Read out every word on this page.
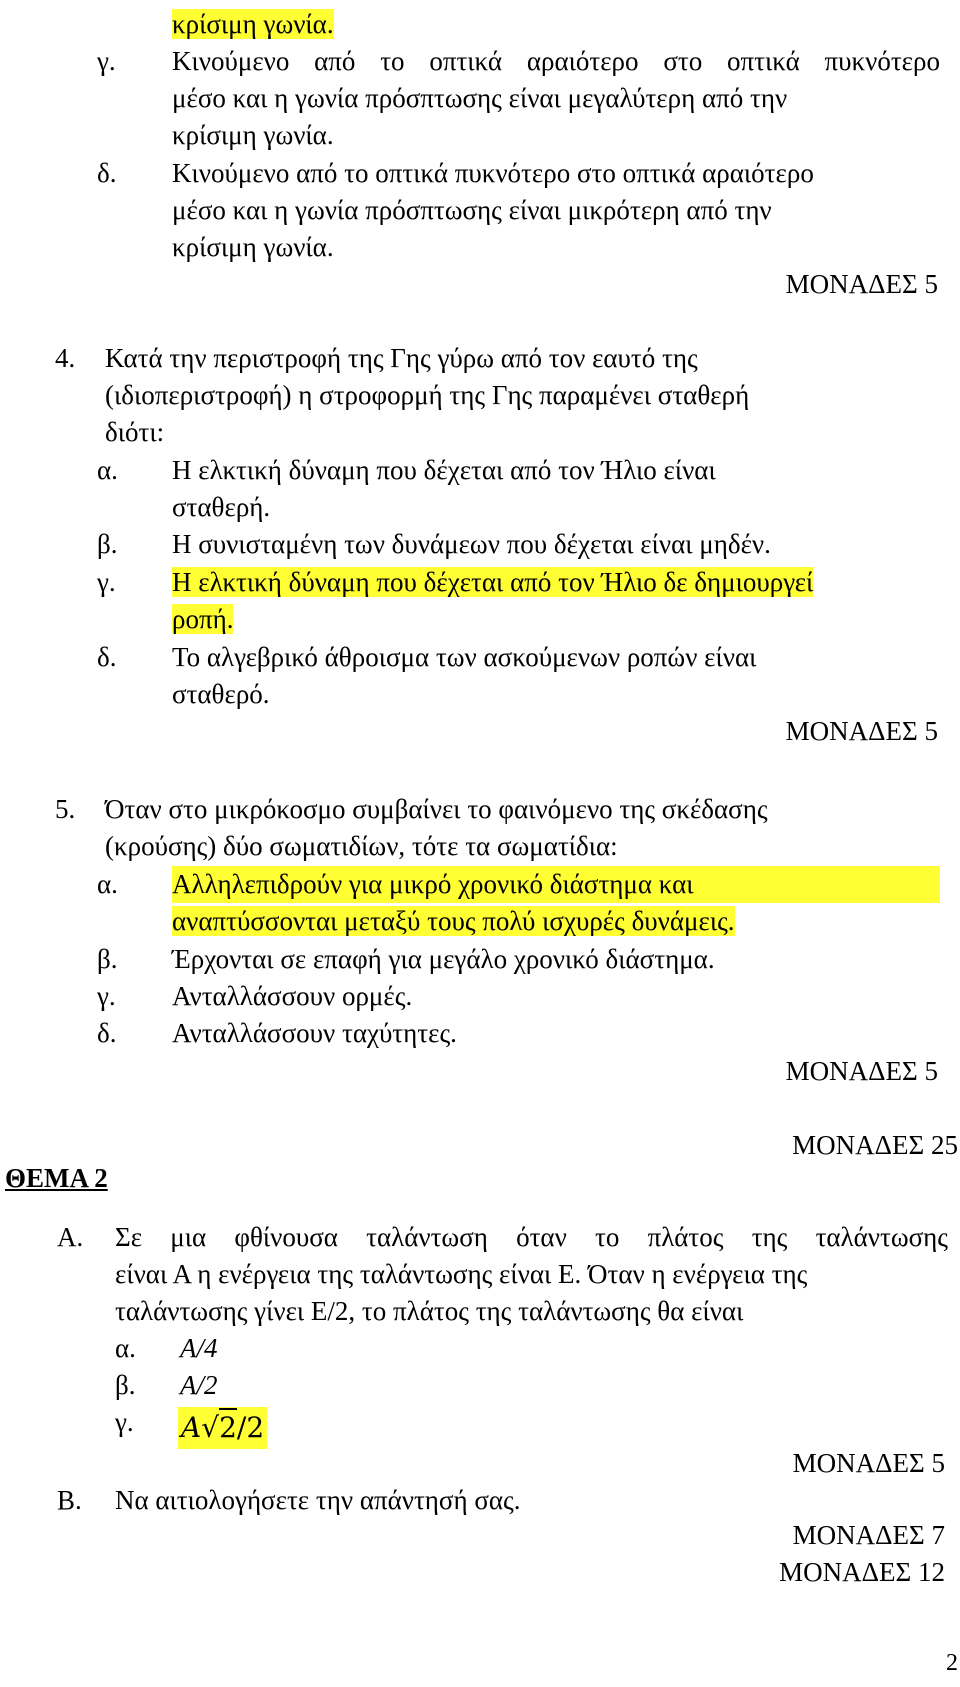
κρίσιμη γωνία.
γ. Κινούμενο από το οπτικά αραιότερο στο οπτικά πυκνότερο
μέσο και η γωνία πρόσπτωσης είναι μεγαλύτερη από την
κρίσιμη γωνία.
δ. Κινούμενο από το οπτικά πυκνότερο στο οπτικά αραιότερο
μέσο και η γωνία πρόσπτωσης είναι μικρότερη από την
κρίσιμη γωνία.
ΜΟΝΑΔΕΣ 5
4. Κατά την περιστροφή της Γης γύρω από τον εαυτό της
(ιδιοπεριστροφή) η στροφορμή της Γης παραμένει σταθερή
διότι:
α. Η ελκτική δύναμη που δέχεται από τον Ήλιο είναι
σταθερή.
β. Η συνισταμένη των δυνάμεων που δέχεται είναι μηδέν.
γ. Η ελκτική δύναμη που δέχεται από τον Ήλιο δε δημιουργεί
ροπή.
δ. Το αλγεβρικό άθροισμα των ασκούμενων ροπών είναι
σταθερό.
ΜΟΝΑΔΕΣ 5
5. Όταν στο μικρόκοσμο συμβαίνει το φαινόμενο της σκέδασης
(κρούσης) δύο σωματιδίων, τότε τα σωματίδια:
α. Αλληλεπιδρούν για μικρό χρονικό διάστημα και
αναπτύσσονται μεταξύ τους πολύ ισχυρές δυνάμεις.
β. Έρχονται σε επαφή για μεγάλο χρονικό διάστημα.
γ. Ανταλλάσσουν ορμές.
δ. Ανταλλάσσουν ταχύτητες.
ΜΟΝΑΔΕΣ 5
ΜΟΝΑΔΕΣ 25
ΘΕΜΑ 2
Α. Σε μια φθίνουσα ταλάντωση όταν το πλάτος της ταλάντωσης
είναι Α η ενέργεια της ταλάντωσης είναι Ε. Όταν η ενέργεια της
ταλάντωσης γίνει Ε/2, το πλάτος της ταλάντωσης θα είναι
α. Α/4
β. Α/2
γ. A√2/2
ΜΟΝΑΔΕΣ 5
Β. Να αιτιολογήσετε την απάντησή σας.
ΜΟΝΑΔΕΣ 7
ΜΟΝΑΔΕΣ 12
2
